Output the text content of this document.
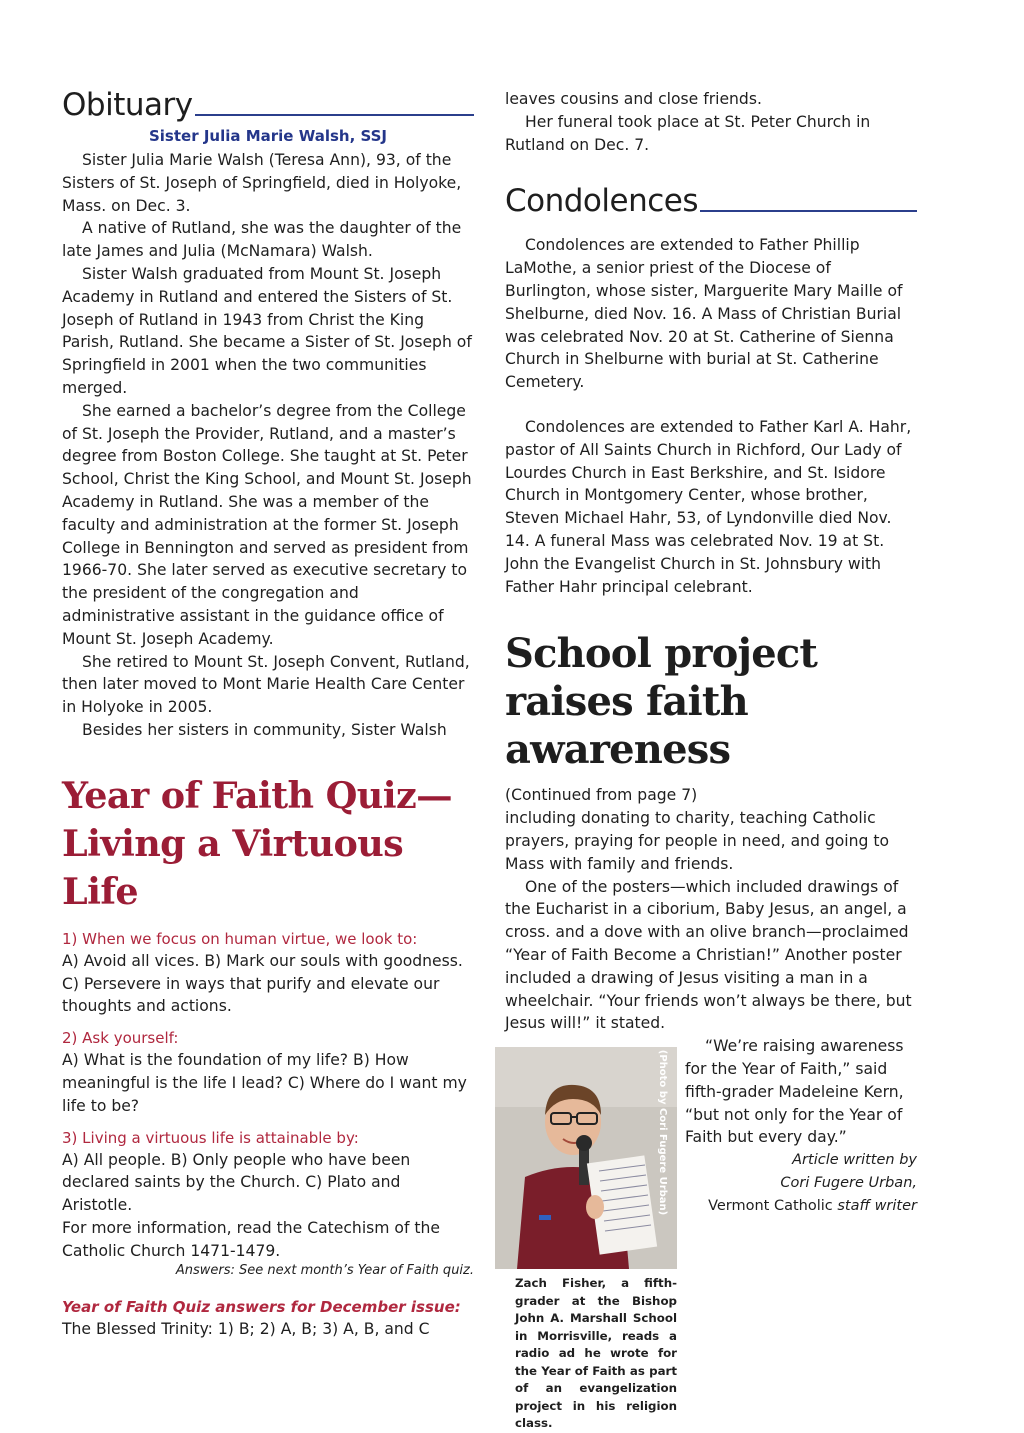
Obituary

Sister Julia Marie Walsh, SSJ

Sister Julia Marie Walsh (Teresa Ann), 93, of the Sisters of St. Joseph of Springfield, died in Holyoke, Mass. on Dec. 3.

A native of Rutland, she was the daughter of the late James and Julia (McNamara) Walsh.

Sister Walsh graduated from Mount St. Joseph Academy in Rutland and entered the Sisters of St. Joseph of Rutland in 1943 from Christ the King Parish, Rutland. She became a Sister of St. Joseph of Springfield in 2001 when the two communities merged.

She earned a bachelor’s degree from the College of St. Joseph the Provider, Rutland, and a master’s degree from Boston College. She taught at St. Peter School, Christ the King School, and Mount St. Joseph Academy in Rutland. She was a member of the faculty and administration at the former St. Joseph College in Bennington and served as president from 1966-70. She later served as executive secretary to the president of the congregation and administrative assistant in the guidance office of Mount St. Joseph Academy.

She retired to Mount St. Joseph Convent, Rutland, then later moved to Mont Marie Health Care Center in Holyoke in 2005.

Besides her sisters in community, Sister Walsh

Year of Faith Quiz— Living a Virtuous Life

1) When we focus on human virtue, we look to:

A) Avoid all vices. B) Mark our souls with goodness. C) Persevere in ways that purify and elevate our thoughts and actions.

2) Ask yourself:

A) What is the foundation of my life? B) How meaningful is the life I lead? C) Where do I want my life to be?

3) Living a virtuous life is attainable by:

A) All people. B) Only people who have been declared saints by the Church. C) Plato and Aristotle.

For more information, read the Catechism of the Catholic Church 1471-1479.

Answers: See next month’s Year of Faith quiz.

Year of Faith Quiz answers for December issue:

The Blessed Trinity: 1) B; 2) A, B; 3) A, B, and C

leaves cousins and close friends.

Her funeral took place at St. Peter Church in Rutland on Dec. 7.

Condolences

Condolences are extended to Father Phillip LaMothe, a senior priest of the Diocese of Burlington, whose sister, Marguerite Mary Maille of Shelburne, died Nov. 16. A Mass of Christian Burial was celebrated Nov. 20 at St. Catherine of Sienna Church in Shelburne with burial at St. Catherine Cemetery.

Condolences are extended to Father Karl A. Hahr, pastor of All Saints Church in Richford, Our Lady of Lourdes Church in East Berkshire, and St. Isidore Church in Montgomery Center, whose brother, Steven Michael Hahr, 53, of Lyndonville died Nov. 14. A funeral Mass was celebrated Nov. 19 at St. John the Evangelist Church in St. Johnsbury with Father Hahr principal celebrant.

School project raises faith awareness

(Continued from page 7)

including donating to charity, teaching Catholic prayers, praying for people in need, and going to Mass with family and friends.

One of the posters—which included drawings of the Eucharist in a ciborium, Baby Jesus, an angel, a cross. and a dove with an olive branch—proclaimed “Year of Faith Become a Christian!” Another poster included a drawing of Jesus visiting a man in a wheelchair. “Your friends won’t always be there, but Jesus will!” it stated.

(Photo by Cori Fugere Urban)

Zach Fisher, a fifth-grader at the Bishop John A. Marshall School in Morrisville, reads a radio ad he wrote for the Year of Faith as part of an evangelization project in his religion class.

“We’re raising awareness for the Year of Faith,” said fifth-grader Madeleine Kern, “but not only for the Year of Faith but every day.”

Article written by

Cori Fugere Urban,

Vermont Catholic staff writer
